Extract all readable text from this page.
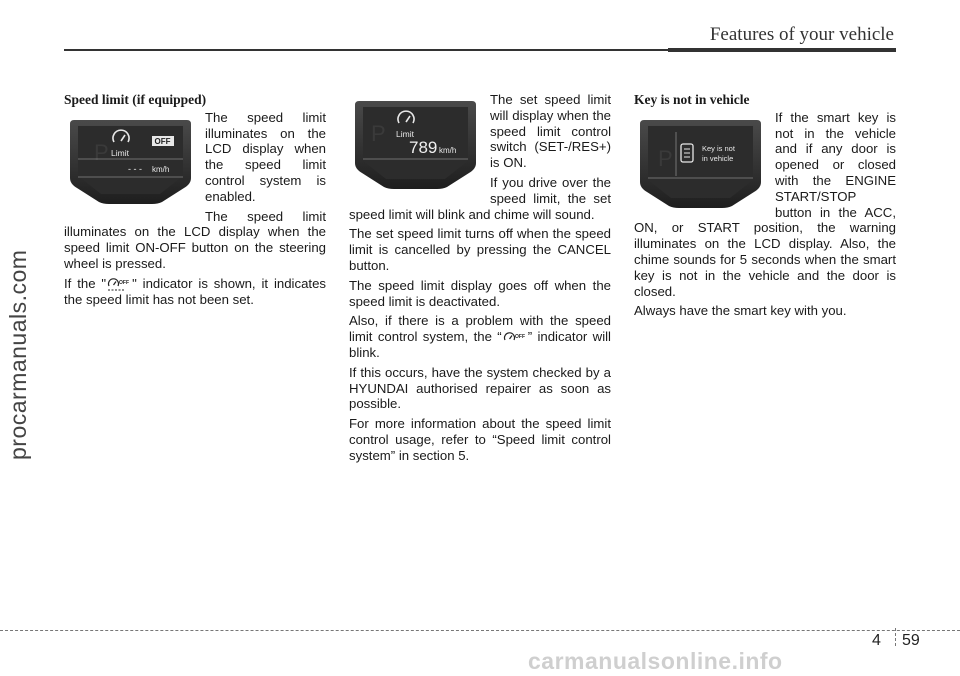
Features of your vehicle
procarmanuals.com
Speed limit (if equipped)
P Limit
OFF
- - - km/h

The speed limit illuminates on the LCD display when the speed limit control system is enabled.

The speed limit illuminates on the LCD display when the speed limit ON-OFF button on the steering wheel is pressed.

If the "	OFF " indicator is shown, it indicates the speed limit has not been set.

P Limit
789 km/h

The set speed limit will display when the speed limit control switch (SET-/RES+) is ON.

If you drive over the speed limit, the set speed limit will blink and chime will sound.

The set speed limit turns off when the speed limit is cancelled by pressing the CANCEL button.

The speed limit display goes off when the speed limit is deactivated.

Also, if there is a problem with the speed limit control system, the “	OFF ” indicator will blink.

If this occurs, have the system checked by a HYUNDAI authorised repairer as soon as possible.

For more information about the speed limit control usage, refer to “Speed limit control system” in section 5.

Key is not in vehicle
P	Key is not
in vehicle

If the smart key is not in the vehicle and if any door is opened or closed with the ENGINE START/STOP button in the ACC, ON, or START position, the warning illuminates on the LCD display. Also, the chime sounds for 5 seconds when the smart key is not in the vehicle and the door is closed.

Always have the smart key with you.

4 59
carmanualsonline.info
